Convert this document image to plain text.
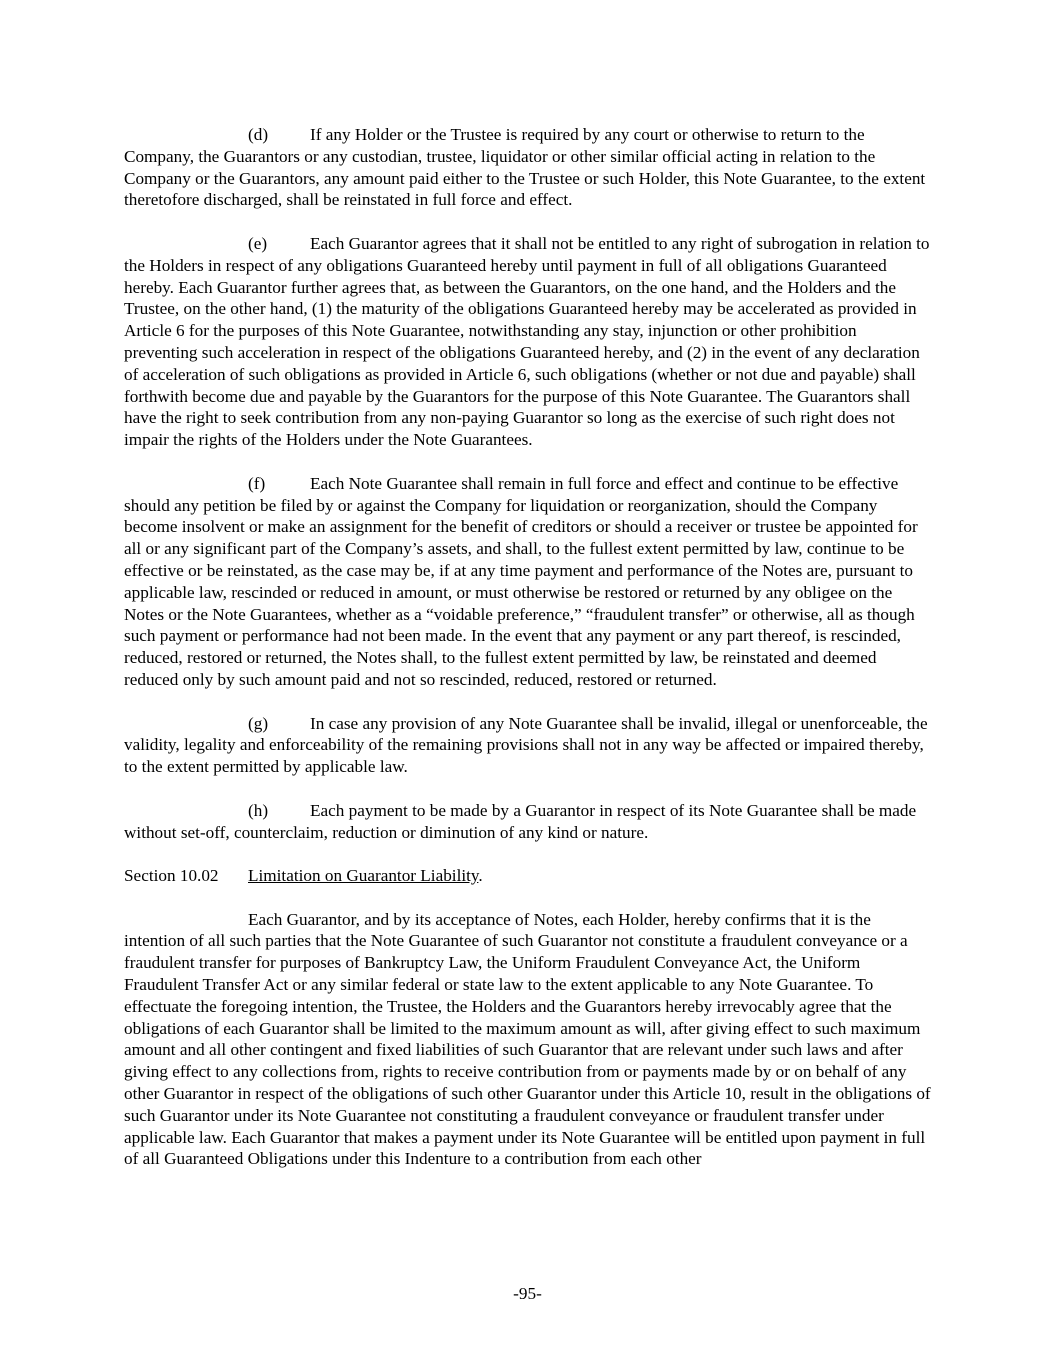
(d) If any Holder or the Trustee is required by any court or otherwise to return to the Company, the Guarantors or any custodian, trustee, liquidator or other similar official acting in relation to the Company or the Guarantors, any amount paid either to the Trustee or such Holder, this Note Guarantee, to the extent theretofore discharged, shall be reinstated in full force and effect.

(e) Each Guarantor agrees that it shall not be entitled to any right of subrogation in relation to the Holders in respect of any obligations Guaranteed hereby until payment in full of all obligations Guaranteed hereby. Each Guarantor further agrees that, as between the Guarantors, on the one hand, and the Holders and the Trustee, on the other hand, (1) the maturity of the obligations Guaranteed hereby may be accelerated as provided in Article 6 for the purposes of this Note Guarantee, notwithstanding any stay, injunction or other prohibition preventing such acceleration in respect of the obligations Guaranteed hereby, and (2) in the event of any declaration of acceleration of such obligations as provided in Article 6, such obligations (whether or not due and payable) shall forthwith become due and payable by the Guarantors for the purpose of this Note Guarantee. The Guarantors shall have the right to seek contribution from any non-paying Guarantor so long as the exercise of such right does not impair the rights of the Holders under the Note Guarantees.

(f)	Each Note Guarantee shall remain in full force and effect and continue to be effective should any petition be filed by or against the Company for liquidation or reorganization, should the Company become insolvent or make an assignment for the benefit of creditors or should a receiver or trustee be appointed for all or any significant part of the Company’s assets, and shall, to the fullest extent permitted by law, continue to be effective or be reinstated, as the case may be, if at any time payment and performance of the Notes are, pursuant to applicable law, rescinded or reduced in amount, or must otherwise be restored or returned by any obligee on the Notes or the Note Guarantees, whether as a “voidable preference,” “fraudulent transfer” or otherwise, all as though such payment or performance had not been made. In the event that any payment or any part thereof, is rescinded, reduced, restored or returned, the Notes shall, to the fullest extent permitted by law, be reinstated and deemed reduced only by such amount paid and not so rescinded, reduced, restored or returned.

(g) In case any provision of any Note Guarantee shall be invalid, illegal or unenforceable, the validity, legality and enforceability of the remaining provisions shall not in any way be affected or impaired thereby, to the extent permitted by applicable law.

(h) Each payment to be made by a Guarantor in respect of its Note Guarantee shall be made without set-off, counterclaim, reduction or diminution of any kind or nature.

Section 10.02 Limitation on Guarantor Liability.

Each Guarantor, and by its acceptance of Notes, each Holder, hereby confirms that it is the intention of all such parties that the Note Guarantee of such Guarantor not constitute a fraudulent conveyance or a fraudulent transfer for purposes of Bankruptcy Law, the Uniform Fraudulent Conveyance Act, the Uniform Fraudulent Transfer Act or any similar federal or state law to the extent applicable to any Note Guarantee. To effectuate the foregoing intention, the Trustee, the Holders and the Guarantors hereby irrevocably agree that the obligations of each Guarantor shall be limited to the maximum amount as will, after giving effect to such maximum amount and all other contingent and fixed liabilities of such Guarantor that are relevant under such laws and after giving effect to any collections from, rights to receive contribution from or payments made by or on behalf of any other Guarantor in respect of the obligations of such other Guarantor under this Article 10, result in the obligations of such Guarantor under its Note Guarantee not constituting a fraudulent conveyance or fraudulent transfer under applicable law. Each Guarantor that makes a payment under its Note Guarantee will be entitled upon payment in full of all Guaranteed Obligations under this Indenture to a contribution from each other

-95-
